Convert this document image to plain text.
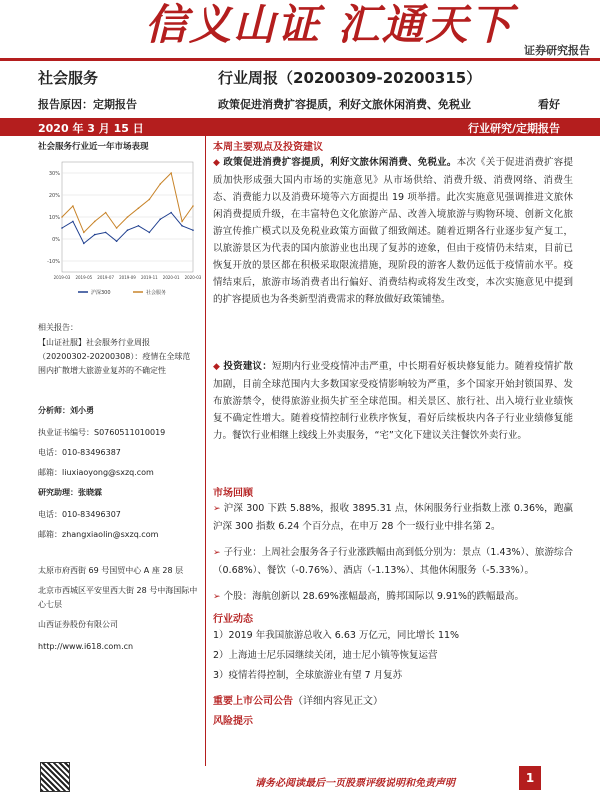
信义山证 汇通天下
证券研究报告
社会服务
报告原因：定期报告
行业周报（20200309-20200315）
政策促进消费扩容提质，利好文旅休闲消费、免税业	看好
2020 年 3 月 15 日	行业研究/定期报告
社会服务行业近一年市场表现
30%
20%
10%
0%
-10%
2019-03 2019-05 2019-07 2019-09 2019-11 2020-01 2020-03
沪深300	社会服务
相关报告：
【山证社服】社会服务行业周报（20200302-20200308）：疫情在全球范围内扩散增大旅游业复苏的不确定性
分析师：刘小勇
执业证书编号：S0760511010019
电话：010-83496387
邮箱：liuxiaoyong@sxzq.com
研究助理：张晓霖
电话：010-83496307
邮箱：zhangxiaolin@sxzq.com
太原市府西街 69 号国贸中心 A 座 28 层
北京市西城区平安里西大街 28 号中海国际中心七层
山西证券股份有限公司
http://www.i618.com.cn
本周主要观点及投资建议
◆ 政策促进消费扩容提质，利好文旅休闲消费、免税业。本次《关于促进消费扩容提质加快形成强大国内市场的实施意见》从市场供给、消费升级、消费网络、消费生态、消费能力以及消费环境等六方面提出 19 项举措。此次实施意见强调推进文旅休闲消费提质升级，在丰富特色文化旅游产品、改善入境旅游与购物环境、创新文化旅游宣传推广模式以及免税业政策方面做了细致阐述。随着近期各行业逐步复产复工，以旅游景区为代表的国内旅游业也出现了复苏的迹象，但由于疫情仍未结束，目前已恢复开放的景区都在积极采取限流措施，现阶段的游客人数仍远低于疫情前水平。疫情结束后，旅游市场消费者出行偏好、消费结构或将发生改变，本次实施意见中提到的扩容提质也为各类新型消费需求的释放做好政策铺垫。
◆ 投资建议：短期内行业受疫情冲击严重，中长期看好板块修复能力。随着疫情扩散加剧，目前全球范围内大多数国家受疫情影响较为严重，多个国家开始封锁国界、发布旅游禁令，使得旅游业损失扩至全球范围。相关景区、旅行社、出入境行业业绩恢复不确定性增大。随着疫情控制行业秩序恢复，看好后续板块内各子行业业绩修复能力。餐饮行业相继上线线上外卖服务，“宅”文化下建议关注餐饮外卖行业。
市场回顾
➢ 沪深 300 下跌 5.88%，报收 3895.31 点，休闲服务行业指数上涨 0.36%，跑赢沪深 300 指数 6.24 个百分点，在申万 28 个一级行业中排名第 2。
➢ 子行业：上周社会服务各子行业涨跌幅由高到低分别为：景点（1.43%）、旅游综合（0.68%）、餐饮（-0.76%）、酒店（-1.13%）、其他休闲服务（-5.33%）。
➢ 个股：海航创新以 28.69%涨幅最高，腾邦国际以 9.91%的跌幅最高。
行业动态
1）2019 年我国旅游总收入 6.63 万亿元，同比增长 11%
2）上海迪士尼乐园继续关闭，迪士尼小镇等恢复运营
3）疫情若得控制，全球旅游业有望 7 月复苏
重要上市公司公告（详细内容见正文）
风险提示
请务必阅读最后一页股票评级说明和免责声明	1
